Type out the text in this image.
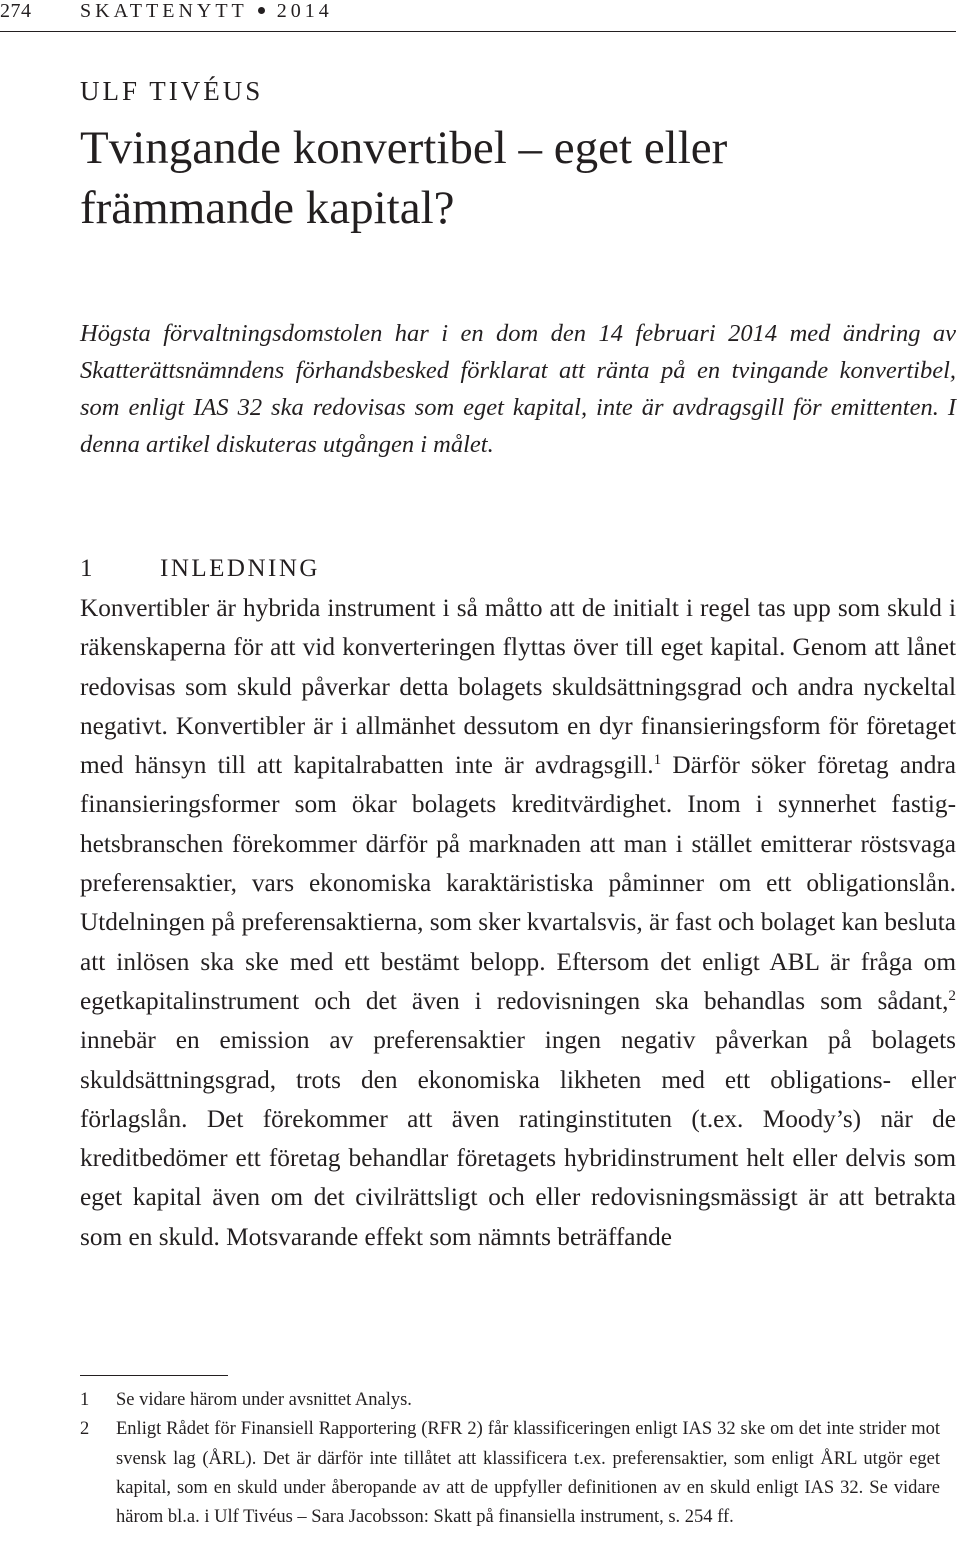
274 SKATTENYTT 2014
ULF TIVÉUS
Tvingande konvertibel – eget eller
främmande kapital?

Högsta förvaltningsdomstolen har i en dom den 14 februari 2014 med ändring av Skatterättsnämndens förhandsbesked förklarat att ränta på en tvingande konvertibel, som enligt IAS 32 ska redovisas som eget kapital, inte är avdragsgill för emittenten. I denna artikel diskuteras utgången i målet.

1	INLEDNING

Konvertibler är hybrida instrument i så måtto att de initialt i regel tas upp som skuld i räkenskaperna för att vid konverteringen flyttas över till eget kapital. Genom att lånet redovisas som skuld påverkar detta bolagets skuldsättningsgrad och andra nyckeltal negativt. Konvertibler är i allmänhet dessutom en dyr finansieringsform för företaget med hänsyn till att kapitalrabatten inte är avdragsgill.$^1$ Därför söker företag andra finansieringsformer som ökar bolagets kreditvärdighet. Inom i synnerhet fastighetsbranschen förekommer därför på marknaden att man i stället emitterar röstsvaga preferensaktier, vars ekonomiska karaktäristiska påminner om ett obligationslån. Utdelningen på preferensaktierna, som sker kvartalsvis, är fast och bolaget kan besluta att inlösen ska ske med ett bestämt belopp. Eftersom det enligt ABL är fråga om egetkapitalinstrument och det även i redovisningen ska behandlas som sådant,$^2$ innebär en emission av preferensaktier ingen negativ påverkan på bolagets skuldsättningsgrad, trots den ekonomiska likheten med ett obligations- eller förlagslån. Det förekommer att även ratinginstituten (t.ex. Moody’s) när de kreditbedömer ett företag behandlar företagets hybridinstrument helt eller delvis som eget kapital även om det civilrättsligt och eller redovisningsmässigt är att betrakta som en skuld. Motsvarande effekt som nämnts beträffande

1 Se vidare härom under avsnittet Analys.

2 Enligt Rådet för Finansiell Rapportering (RFR 2) får klassificeringen enligt IAS 32 ske om det inte strider mot svensk lag (ÅRL). Det är därför inte tillåtet att klassificera t.ex. preferensaktier, som enligt ÅRL utgör eget kapital, som en skuld under åberopande av att de uppfyller definitionen av en skuld enligt IAS 32. Se vidare härom bl.a. i Ulf Tivéus – Sara Jacobsson: Skatt på finansiella instrument, s. 254 ff.
